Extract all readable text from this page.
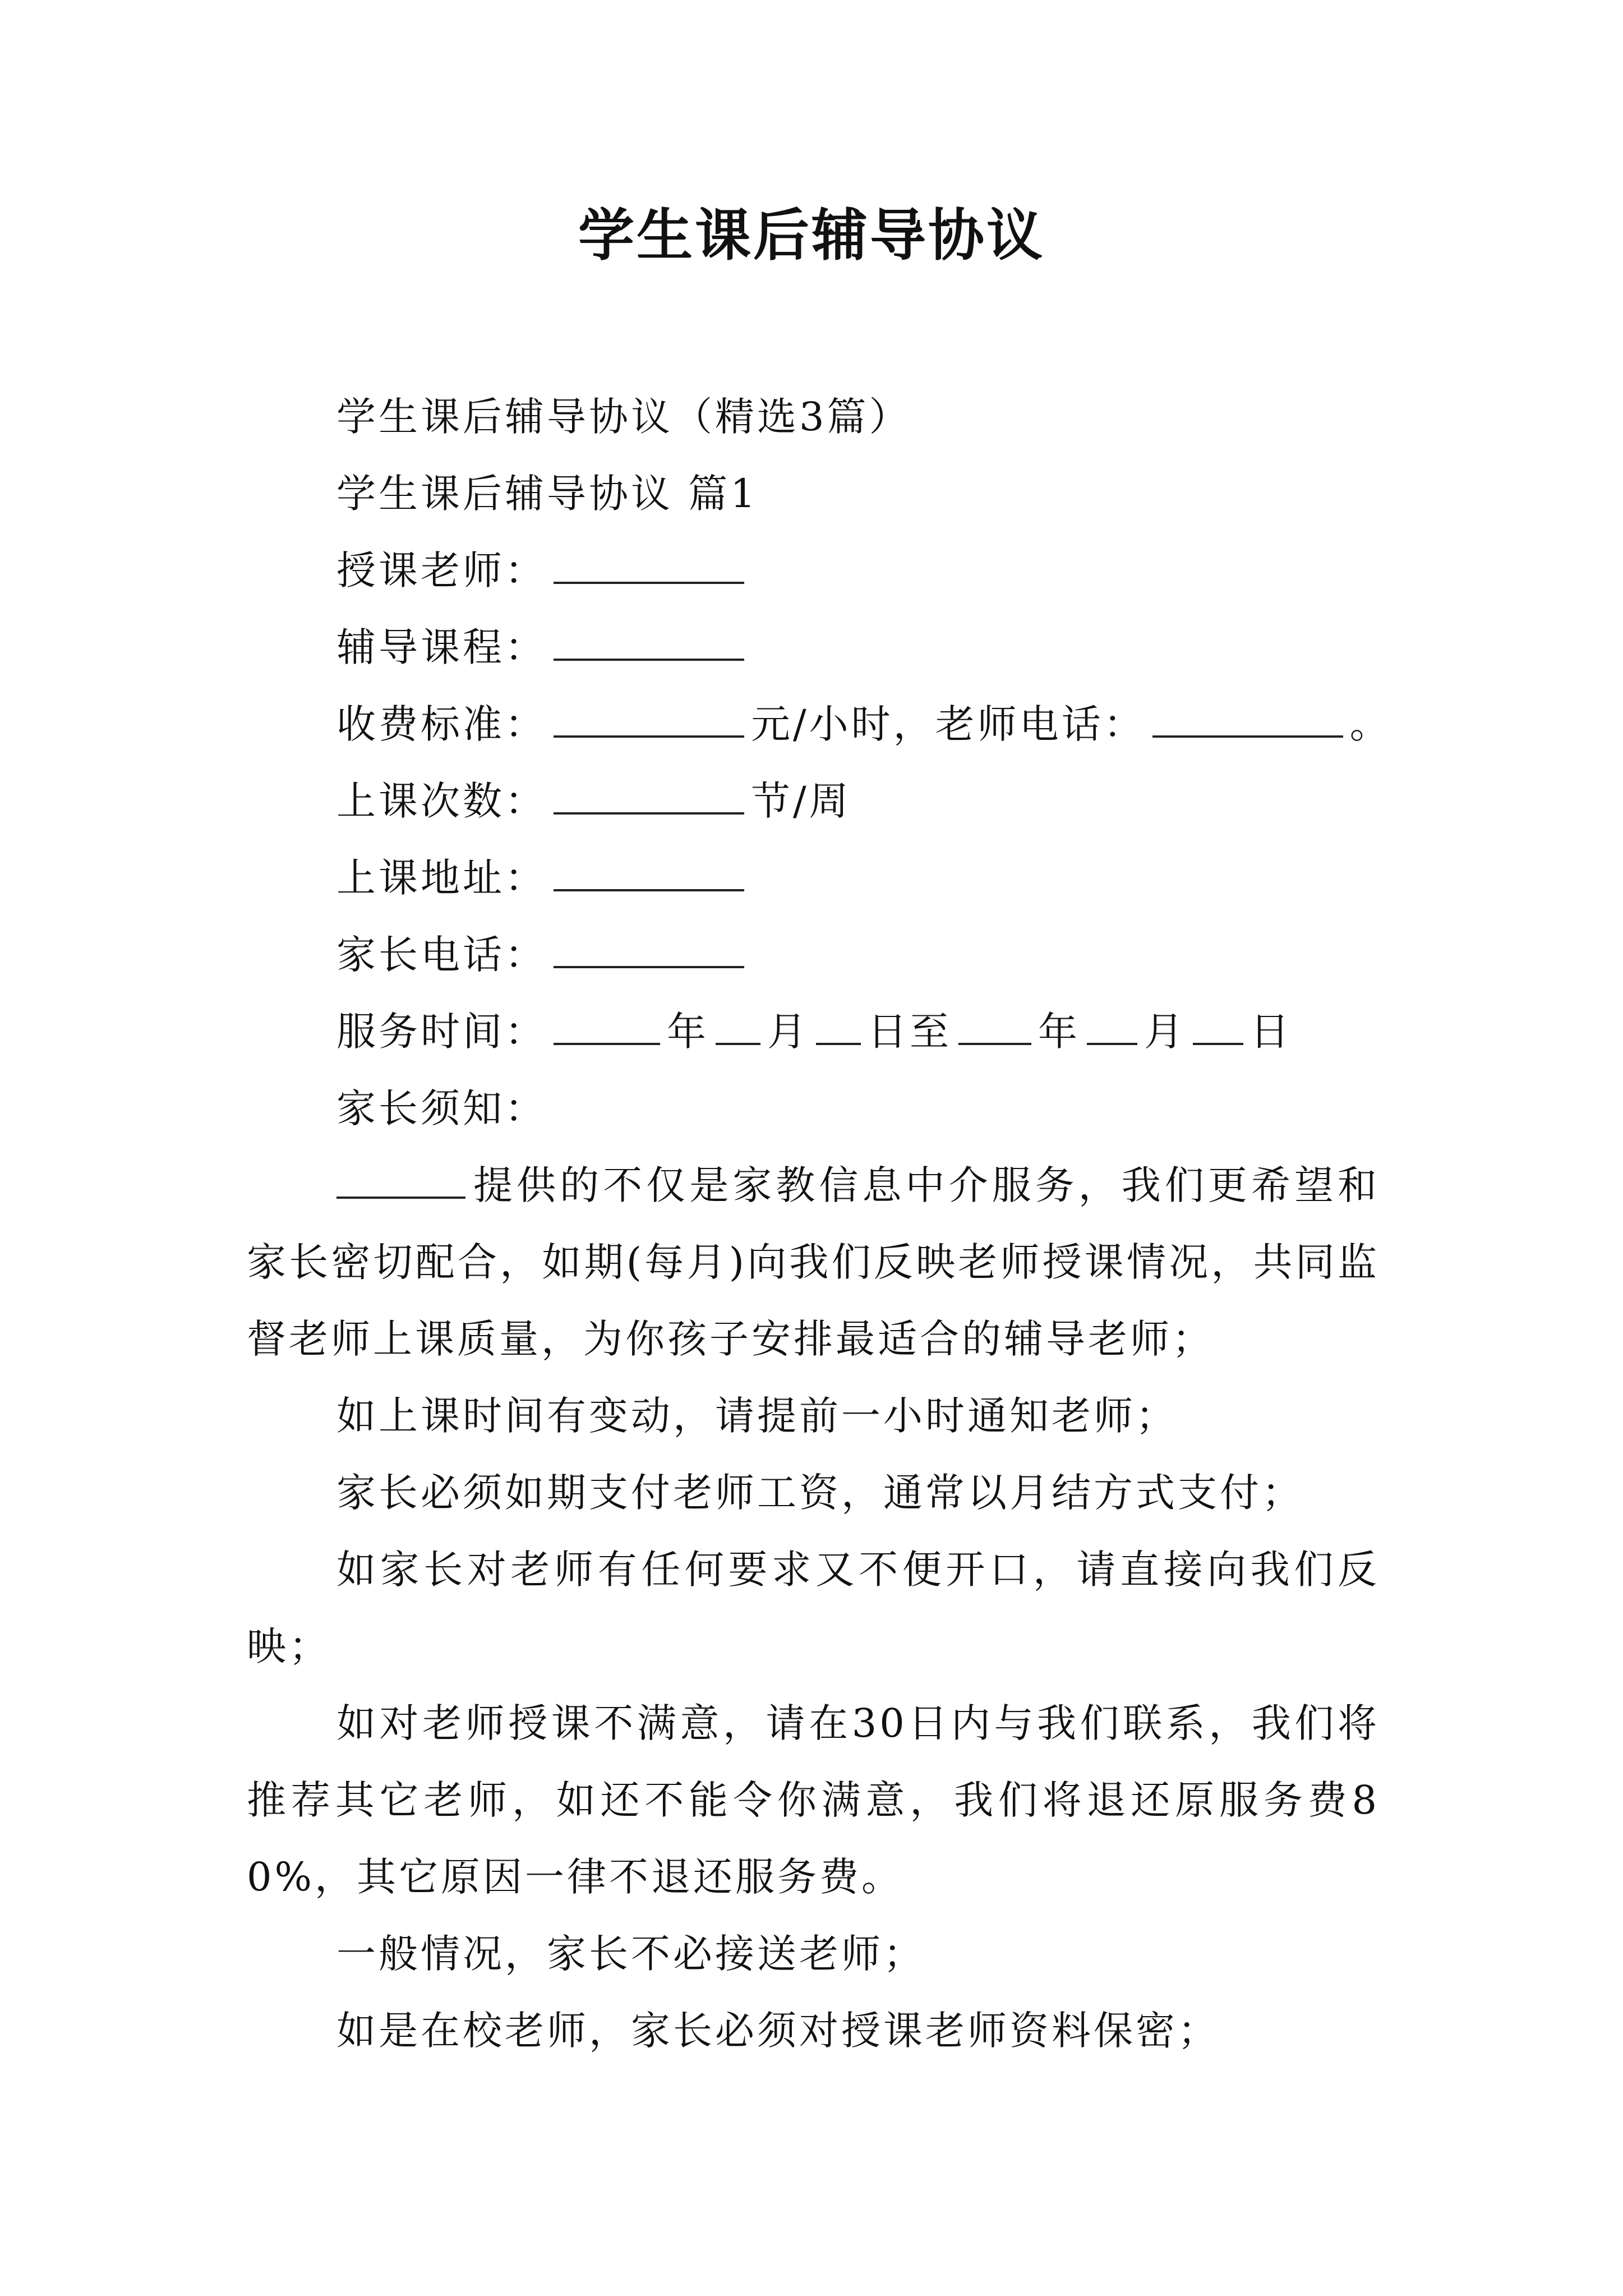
学生课后辅导协议

学生课后辅导协议（精选3篇）

学生课后辅导协议 篇1

授课老师：

辅导课程：

收费标准：	元/小时，老师电话：	。

上课次数：	节/周

上课地址：

家长电话：

服务时间：	年 月 日至 年 月 日

家长须知：

提供的不仅是家教信息中介服务，我们更希望和家长密切配合，如期(每月)向我们反映老师授课情况，共同监督老师上课质量，为你孩子安排最适合的辅导老师；

如上课时间有变动，请提前一小时通知老师；

家长必须如期支付老师工资，通常以月结方式支付；

如家长对老师有任何要求又不便开口，请直接向我们反映；

如对老师授课不满意，请在30日内与我们联系，我们将推荐其它老师，如还不能令你满意，我们将退还原服务费80%，其它原因一律不退还服务费。

一般情况，家长不必接送老师；

如是在校老师，家长必须对授课老师资料保密；
